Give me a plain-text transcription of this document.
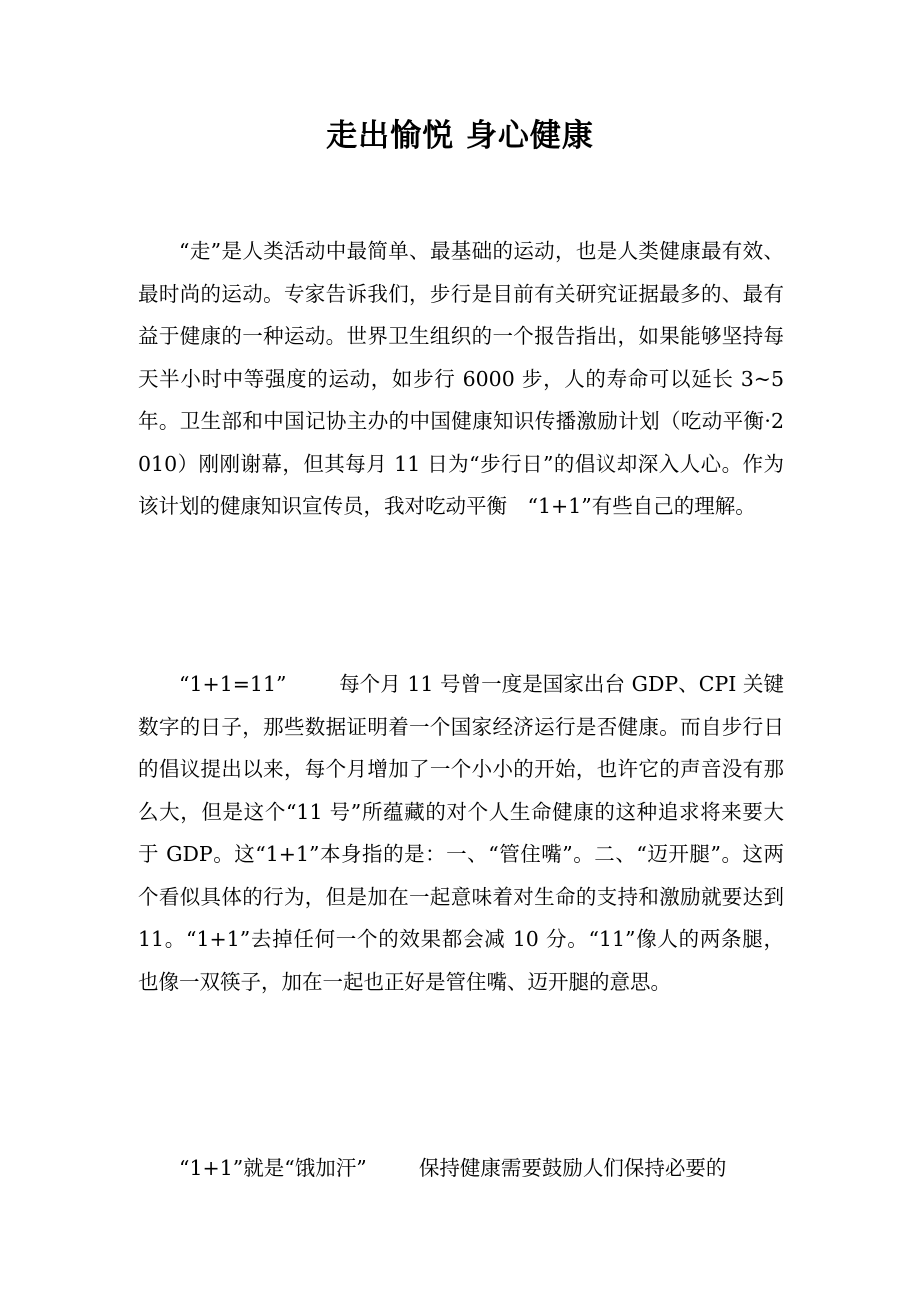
走出愉悦 身心健康

“走”是人类活动中最简单、最基础的运动，也是人类健康最有效、最时尚的运动。专家告诉我们，步行是目前有关研究证据最多的、最有益于健康的一种运动。世界卫生组织的一个报告指出，如果能够坚持每天半小时中等强度的运动，如步行 6000 步，人的寿命可以延长 3~5 年。卫生部和中国记协主办的中国健康知识传播激励计划（吃动平衡·2010）刚刚谢幕，但其每月 11 日为“步行日”的倡议却深入人心。作为该计划的健康知识宣传员，我对吃动平衡　“1+1”有些自己的理解。

“1+1=11”	每个月 11 号曾一度是国家出台 GDP、CPI 关键数字的日子，那些数据证明着一个国家经济运行是否健康。而自步行日的倡议提出以来，每个月增加了一个小小的开始，也许它的声音没有那么大，但是这个“11 号”所蕴藏的对个人生命健康的这种追求将来要大于 GDP。这“1+1”本身指的是：一、“管住嘴”。二、“迈开腿”。这两个看似具体的行为，但是加在一起意味着对生命的支持和激励就要达到 11。“1+1”去掉任何一个的效果都会减 10 分。“11”像人的两条腿，也像一双筷子，加在一起也正好是管住嘴、迈开腿的意思。

“1+1”就是“饿加汗”	保持健康需要鼓励人们保持必要的
